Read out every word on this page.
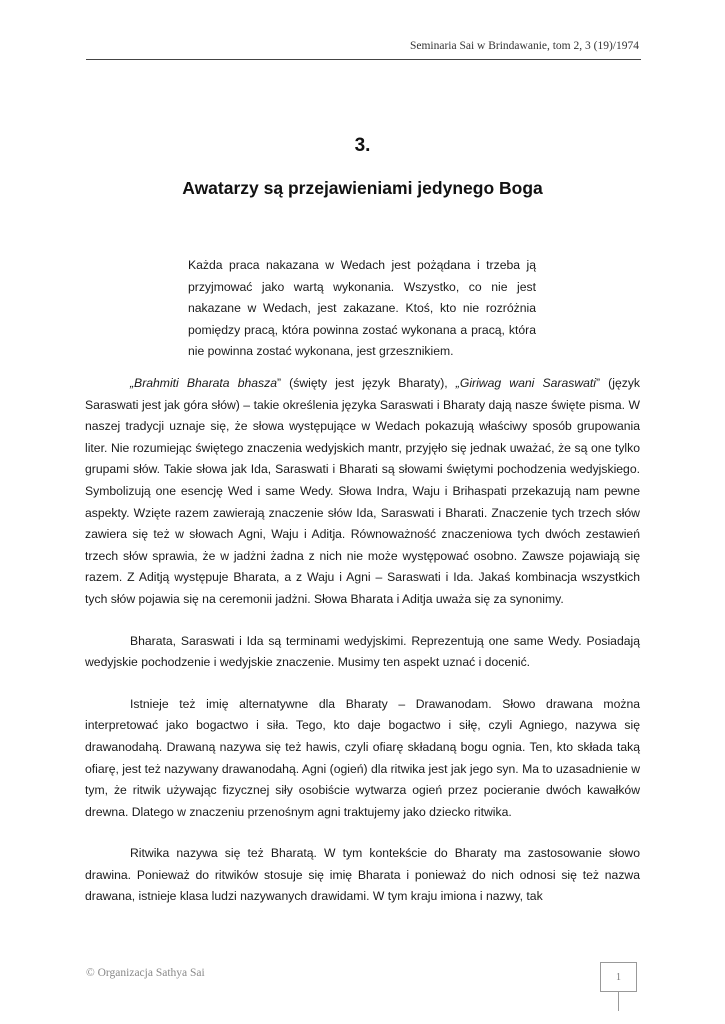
Seminaria Sai w Brindawanie, tom 2, 3 (19)/1974
3.
Awatarzy są przejawieniami jedynego Boga
Każda praca nakazana w Wedach jest pożądana i trzeba ją przyjmować jako wartą wykonania. Wszystko, co nie jest nakazane w Wedach, jest zakazane. Ktoś, kto nie rozróżnia pomiędzy pracą, która powinna zostać wykonana a pracą, która nie powinna zostać wykonana, jest grzesznikiem.

„Brahmiti Bharata bhasza” (święty jest język Bharaty), „Giriwag wani Saraswati” (język Saraswati jest jak góra słów) – takie określenia języka Saraswati i Bharaty dają nasze święte pisma. W naszej tradycji uznaje się, że słowa występujące w Wedach pokazują właściwy sposób grupowania liter. Nie rozumiejąc świętego znaczenia wedyjskich mantr, przyjęło się jednak uważać, że są one tylko grupami słów. Takie słowa jak Ida, Saraswati i Bharati są słowami świętymi pochodzenia wedyjskiego. Symbolizują one esencję Wed i same Wedy. Słowa Indra, Waju i Brihaspati przekazują nam pewne aspekty. Wzięte razem zawierają znaczenie słów Ida, Saraswati i Bharati. Znaczenie tych trzech słów zawiera się też w słowach Agni, Waju i Aditja. Równoważność znaczeniowa tych dwóch zestawień trzech słów sprawia, że w jadżni żadna z nich nie może występować osobno. Zawsze pojawiają się razem. Z Aditją występuje Bharata, a z Waju i Agni – Saraswati i Ida. Jakaś kombinacja wszystkich tych słów pojawia się na ceremonii jadżni. Słowa Bharata i Aditja uważa się za synonimy.

Bharata, Saraswati i Ida są terminami wedyjskimi. Reprezentują one same Wedy. Posiadają wedyjskie pochodzenie i wedyjskie znaczenie. Musimy ten aspekt uznać i docenić.

Istnieje też imię alternatywne dla Bharaty – Drawanodam. Słowo drawana można interpretować jako bogactwo i siła. Tego, kto daje bogactwo i siłę, czyli Agniego, nazywa się drawanodahą. Drawaną nazywa się też hawis, czyli ofiarę składaną bogu ognia. Ten, kto składa taką ofiarę, jest też nazywany drawanodahą. Agni (ogień) dla ritwika jest jak jego syn. Ma to uzasadnienie w tym, że ritwik używając fizycznej siły osobiście wytwarza ogień przez pocieranie dwóch kawałków drewna. Dlatego w znaczeniu przenośnym agni traktujemy jako dziecko ritwika.

Ritwika nazywa się też Bharatą. W tym kontekście do Bharaty ma zastosowanie słowo drawina. Ponieważ do ritwików stosuje się imię Bharata i ponieważ do nich odnosi się też nazwa drawana, istnieje klasa ludzi nazywanych drawidami. W tym kraju imiona i nazwy, tak

© Organizacja Sathya Sai	1
